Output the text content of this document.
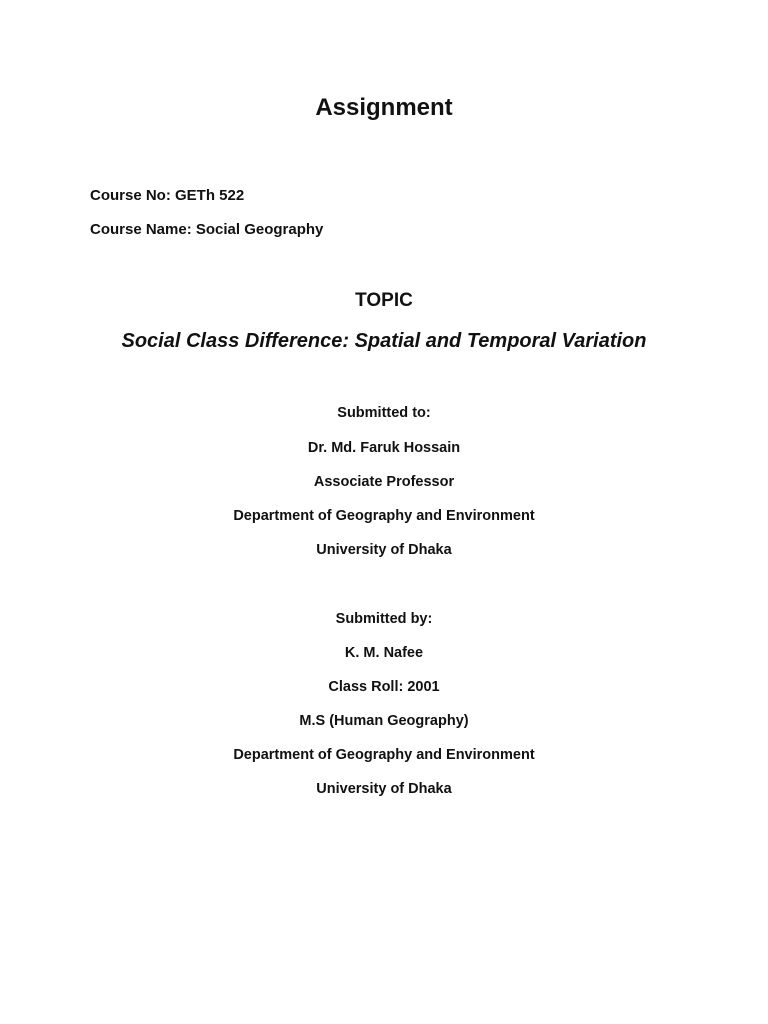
Assignment
Course No: GETh 522
Course Name: Social Geography
TOPIC
Social Class Difference: Spatial and Temporal Variation
Submitted to:
Dr. Md. Faruk Hossain
Associate Professor
Department of Geography and Environment
University of Dhaka
Submitted by:
K. M. Nafee
Class Roll: 2001
M.S (Human Geography)
Department of Geography and Environment
University of Dhaka
